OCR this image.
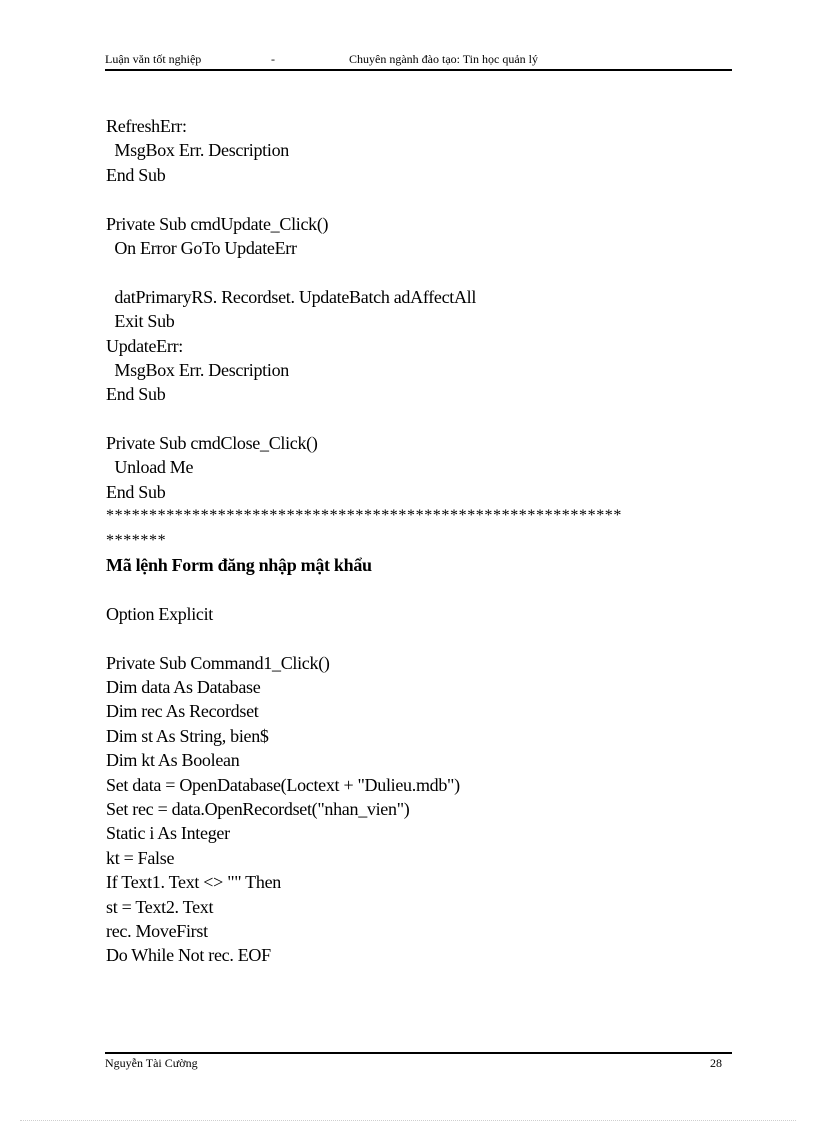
Luận văn tốt nghiệp	-	Chuyên ngành đào tạo: Tin học quản lý
RefreshErr:
MsgBox Err. Description
End Sub
Private Sub cmdUpdate_Click()
On Error GoTo UpdateErr
datPrimaryRS. Recordset. UpdateBatch adAffectAll
Exit Sub
UpdateErr:
MsgBox Err. Description
End Sub
Private Sub cmdClose_Click()
Unload Me
End Sub
************************************************************
*******
Mã lệnh Form đăng nhập mật khẩu
Option Explicit
Private Sub Command1_Click()
Dim data As Database
Dim rec As Recordset
Dim st As String, bien$
Dim kt As Boolean
Set data = OpenDatabase(Loctext + "Dulieu.mdb")
Set rec = data.OpenRecordset("nhan_vien")
Static i As Integer
kt = False
If Text1. Text <> "" Then
st = Text2. Text
rec. MoveFirst
Do While Not rec. EOF
Nguyễn Tài Cường	28
